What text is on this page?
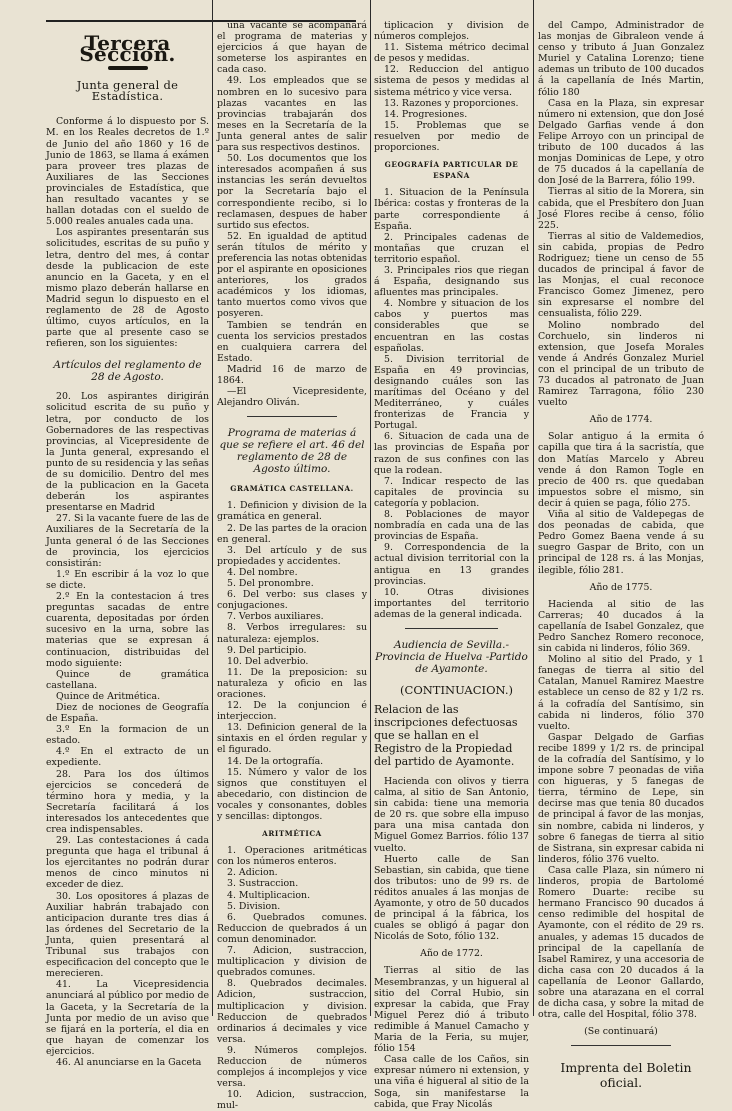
Tercera Seccion.
Junta general de Estadística.

Conforme á lo dispuesto por S. M. en los Reales decretos de 1.º de Junio del año 1860 y 16 de Junio de 1863, se llama á exámen para proveer tres plazas de Auxiliares de las Secciones provinciales de Estadística, que han resultado vacantes y se hallan dotadas con el sueldo de 5.000 reales anuales cada una.

Los aspirantes presentarán sus solicitudes, escritas de su puño y letra, dentro del mes, á contar desde la publicacion de este anuncio en la Gaceta, y en el mismo plazo deberán hallarse en Madrid segun lo dispuesto en el reglamento de 28 de Agosto último, cuyos artículos, en la parte que al presente caso se refieren, son los siguientes:

Artículos del reglamento de 28 de Agosto.

20. Los aspirantes dirigirán solicitud escrita de su puño y letra, por conducto de los Gobernadores de las respectivas provincias, al Vicepresidente de la Junta general, expresando el punto de su residencia y las señas de su domicilio. Dentro del mes de la publicacion en la Gaceta deberán los aspirantes presentarse en Madrid

27. Si la vacante fuere de las de Auxiliares de la Secretaría de la Junta general ó de las Secciones de provincia, los ejercicios consistirán:

1.º En escribir á la voz lo que se dicte.

2.º En la contestacion á tres preguntas sacadas de entre cuarenta, depositadas por órden sucesivo en la urna, sobre las materias que se expresan á continuacion, distribuidas del modo siguiente:

Quince de gramática castellana.

Quince de Aritmética.

Diez de nociones de Geografía de España.

3.º En la formacion de un estado.

4.º En el extracto de un expediente.

28. Para los dos últimos ejercicios se concederá de término hora y media, y la Secretaría facilitará á los interesados los antecedentes que crea indispensables.

29. Las contestaciones á cada pregunta que haga el tribunal á los ejercitantes no podrán durar menos de cinco minutos ni exceder de diez.

30. Los opositores á plazas de Auxiliar habrán trabajado con anticipacion durante tres dias á las órdenes del Secretario de la Junta, quien presentará al Tribunal sus trabajos con especificacion del concepto que le merecieren.

41. La Vicepresidencia anunciará al público por medio de la Gaceta, y la Secretaría de la Junta por medio de un aviso que se fijará en la portería, el dia en que hayan de comenzar los ejercicios.

46. Al anunciarse en la Gaceta

una vacante se acompañará el programa de materias y ejercicios á que hayan de someterse los aspirantes en cada caso.

49. Los empleados que se nombren en lo sucesivo para plazas vacantes en las provincias trabajarán dos meses en la Secretaría de la Junta general antes de salir para sus respectivos destinos.

50. Los documentos que los interesados acompañen á sus instancias les serán devueltos por la Secretaría bajo el correspondiente recibo, si lo reclamasen, despues de haber surtido sus efectos.

52. En igualdad de aptitud serán títulos de mérito y preferencia las notas obtenidas por el aspirante en oposiciones anteriores, los grados académicos y los idiomas, tanto muertos como vivos que posyeren.

Tambien se tendrán en cuenta los servicios prestados en cualquiera carrera del Estado.

Madrid 16 de marzo de 1864.

—El Vicepresidente, Alejandro Oliván.

Programa de materias á que se refiere el art. 46 del reglamento de 28 de Agosto último.

GRAMÁTICA CASTELLANA.

1. Definicion y division de la gramática en general.

2. De las partes de la oracion en general.

3. Del artículo y de sus propiedades y accidentes.

4. Del nombre.

5. Del pronombre.

6. Del verbo: sus clases y conjugaciones.

7. Verbos auxiliares.

8. Verbos irregulares: su naturaleza: ejemplos.

9. Del participio.

10. Del adverbio.

11. De la preposicion: su naturaleza y oficio en las oraciones.

12. De la conjuncion é interjeccion.

13. Definicion general de la sintaxis en el órden regular y el figurado.

14. De la ortografía.

15. Número y valor de los signos que constituyen el abecedario, con distincion de vocales y consonantes, dobles y sencillas: diptongos.

ARITMÉTICA

1. Operaciones aritméticas con los números enteros.

2. Adicion.

3. Sustraccion.

4. Multiplicacion.

5. Division.

6. Quebrados comunes. Reduccion de quebrados á un comun denominador.

7. Adicion, sustraccion, multiplicacion y division de quebrados comunes.

8. Quebrados decimales. Adicion, sustraccion, multiplicacion y division. Reduccion de quebrados ordinarios á decimales y vice versa.

9. Números complejos. Reduccion de números complejos á incomplejos y vice versa.

10. Adicion, sustraccion, mul-

tiplicacion y division de números complejos.

11. Sistema métrico decimal de pesos y medidas.

12. Reduccion del antiguo sistema de pesos y medidas al sistema métrico y vice versa.

13. Razones y proporciones.

14. Progresiones.

15. Problemas que se resuelven por medio de proporciones.

GEOGRAFÍA PARTICULAR DE ESPAÑA

1. Situacion de la Península Ibérica: costas y fronteras de la parte correspondiente á España.

2. Principales cadenas de montañas que cruzan el territorio español.

3. Principales rios que riegan á España, designando sus afluentes mas principales.

4. Nombre y situacion de los cabos y puertos mas considerables que se encuentran en las costas españolas.

5. Division territorial de España en 49 provincias, designando cuáles son las marítimas del Océano y del Mediterráneo, y cuáles fronterizas de Francia y Portugal.

6. Situacion de cada una de las provincias de España por razon de sus confines con las que la rodean.

7. Indicar respecto de las capitales de provincia su categoría y poblacion.

8. Poblaciones de mayor nombradía en cada una de las provincias de España.

9. Correspondencia de la actual division territorial con la antigua en 13 grandes provincias.

10. Otras divisiones importantes del territorio ademas de la general indicada.

Audiencia de Sevilla.-Provincia de Huelva -Partido de Ayamonte.

(CONTINUACION.)

Relacion de las inscripciones defectuosas que se hallan en el Registro de la Propiedad del partido de Ayamonte.

Hacienda con olivos y tierra calma, al sitio de San Antonio, sin cabida: tiene una memoria de 20 rs. que sobre ella impuso para una misa cantada don Miguel Gomez Barrios. fólio 137 vuelto.

Huerto calle de San Sebastian, sin cabida, que tiene dos tributos: uno de 99 rs. de réditos anuales á las monjas de Ayamonte, y otro de 50 ducados de principal á la fábrica, los cuales se obligó á pagar don Nicolás de Soto, fólio 132.

Año de 1772.

Tierras al sitio de las Mesembranzas, y un higueral al sitio del Corral Hubio, sin expresar la cabida, que Fray Miguel Perez dió á tributo redimible á Manuel Camacho y Maria de la Feria, su mujer, fólio 154

Casa calle de los Caños, sin expresar número ni extension, y una viña é higueral al sitio de la Soga, sin manifestarse la cabida, que Fray Nicolás

del Campo, Administrador de las monjas de Gibraleon vende á censo y tributo á Juan Gonzalez Muriel y Catalina Lorenzo; tiene ademas un tributo de 100 ducados á la capellanía de Inés Martin, fólio 180

Casa en la Plaza, sin expresar número ni extension, que don José Delgado Garfias vende á don Felipe Arroyo con un principal de tributo de 100 ducados á las monjas Dominicas de Lepe, y otro de 75 ducados á la capellanía de don José de la Barrera, fólio 199.

Tierras al sitio de la Morera, sin cabida, que el Presbítero don Juan José Flores recibe á censo, fólio 225.

Tierras al sitio de Valdemedios, sin cabida, propias de Pedro Rodriguez; tiene un censo de 55 ducados de principal á favor de las Monjas, el cual reconoce Francisco Gomez Jimenez, pero sin expresarse el nombre del censualista, fólio 229.

Molino nombrado del Corchuelo, sin linderos ni extension, que Josefa Morales vende á Andrés Gonzalez Muriel con el principal de un tributo de 73 ducados al patronato de Juan Ramirez Tarragona, fólio 230 vuelto

Año de 1774.

Solar antiguo á la ermita ó capilla que tira á la sacristía, que don Matías Marcelo y Abreu vende á don Ramon Togle en precio de 400 rs. que quedaban impuestos sobre el mismo, sin decir á quien se paga, fólio 275.

Viña al sitio de Valdepegas de dos peonadas de cabida, que Pedro Gomez Baena vende á su suegro Gaspar de Brito, con un principal de 128 rs. á las Monjas, ilegible, fólio 281.

Año de 1775.

Hacienda al sitio de las Carreras; 40 ducados á la capellanía de Isabel Gonzalez, que Pedro Sanchez Romero reconoce, sin cabida ni linderos, fólio 369.

Molino al sitio del Prado, y 1 fanegas de tierra al sitio del Catalan, Manuel Ramirez Maestre establece un censo de 82 y 1/2 rs. á la cofradía del Santísimo, sin cabida ni linderos, fólio 370 vuelto.

Gaspar Delgado de Garfias recibe 1899 y 1/2 rs. de principal de la cofradía del Santísimo, y lo impone sobre 7 peonadas de viña con higueras, y 5 fanegas de tierra, término de Lepe, sin decirse mas que tenia 80 ducados de principal á favor de las monjas, sin nombre, cabida ni linderos, y sobre 6 fanegas de tierra al sitio de Sistrana, sin expresar cabida ni linderos, fólio 376 vuelto.

Casa calle Plaza, sin número ni linderos, propia de Bartolomé Romero Duarte: recibe su hermano Francisco 90 ducados á censo redimible del hospital de Ayamonte, con el rédito de 29 rs. anuales, y ademas 15 ducados de principal de la capellanía de Isabel Ramirez, y una accesoria de dicha casa con 20 ducados á la capellanía de Leonor Gallardo, sobre una atarazana en el corral de dicha casa, y sobre la mitad de otra, calle del Hospital, fólio 378.

(Se continuará)

Imprenta del Boletin oficial.
